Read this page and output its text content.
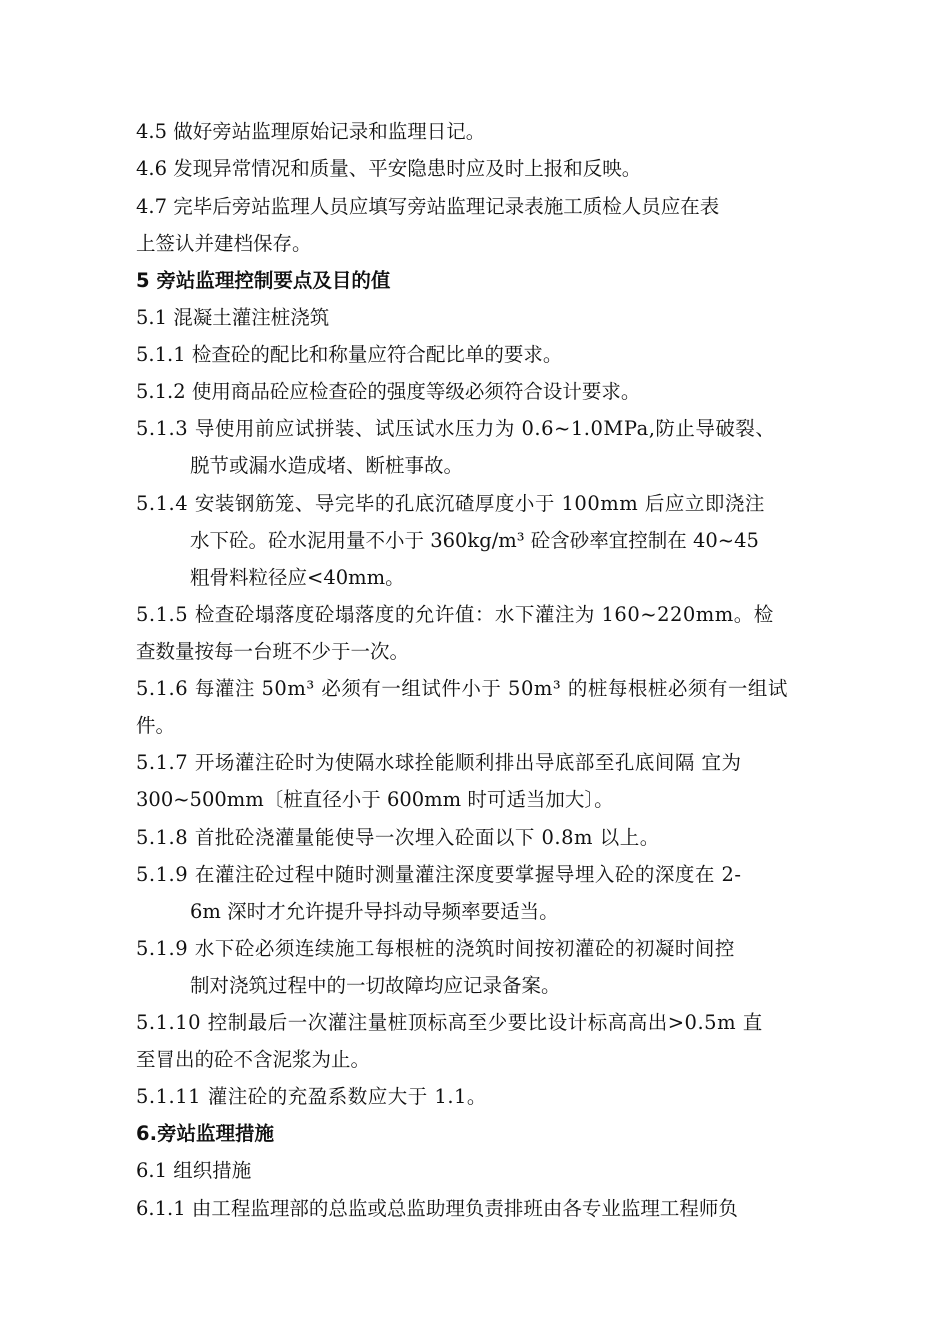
4.5 做好旁站监理原始记录和监理日记。
4.6 发现异常情况和质量、平安隐患时应及时上报和反映。
4.7 完毕后旁站监理人员应填写旁站监理记录表施工质检人员应在表
上签认并建档保存。
5 旁站监理控制要点及目的值
5.1 混凝土灌注桩浇筑
5.1.1 检查砼的配比和称量应符合配比单的要求。
5.1.2 使用商品砼应检查砼的强度等级必须符合设计要求。
5.1.3 导使用前应试拼装、试压试水压力为 0.6~1.0MPa,防止导破裂、
脱节或漏水造成堵、断桩事故。
5.1.4 安装钢筋笼、导完毕的孔底沉碴厚度小于 100mm 后应立即浇注
水下砼。砼水泥用量不小于 360kg/m³ 砼含砂率宜控制在 40~45
粗骨料粒径应<40mm。
5.1.5 检查砼塌落度砼塌落度的允许值：水下灌注为 160~220mm。检
查数量按每一台班不少于一次。
5.1.6 每灌注 50m³ 必须有一组试件小于 50m³ 的桩每根桩必须有一组试
件。
5.1.7 开场灌注砼时为使隔水球拴能顺利排出导底部至孔底间隔 宜为
300~500mm〔桩直径小于 600mm 时可适当加大〕。
5.1.8 首批砼浇灌量能使导一次埋入砼面以下 0.8m 以上。
5.1.9 在灌注砼过程中随时测量灌注深度要掌握导埋入砼的深度在 2-
6m 深时才允许提升导抖动导频率要适当。
5.1.9 水下砼必须连续施工每根桩的浇筑时间按初灌砼的初凝时间控
制对浇筑过程中的一切故障均应记录备案。
5.1.10 控制最后一次灌注量桩顶标高至少要比设计标高高出>0.5m 直
至冒出的砼不含泥浆为止。
5.1.11 灌注砼的充盈系数应大于 1.1。
6.旁站监理措施
6.1 组织措施
6.1.1 由工程监理部的总监或总监助理负责排班由各专业监理工程师负
